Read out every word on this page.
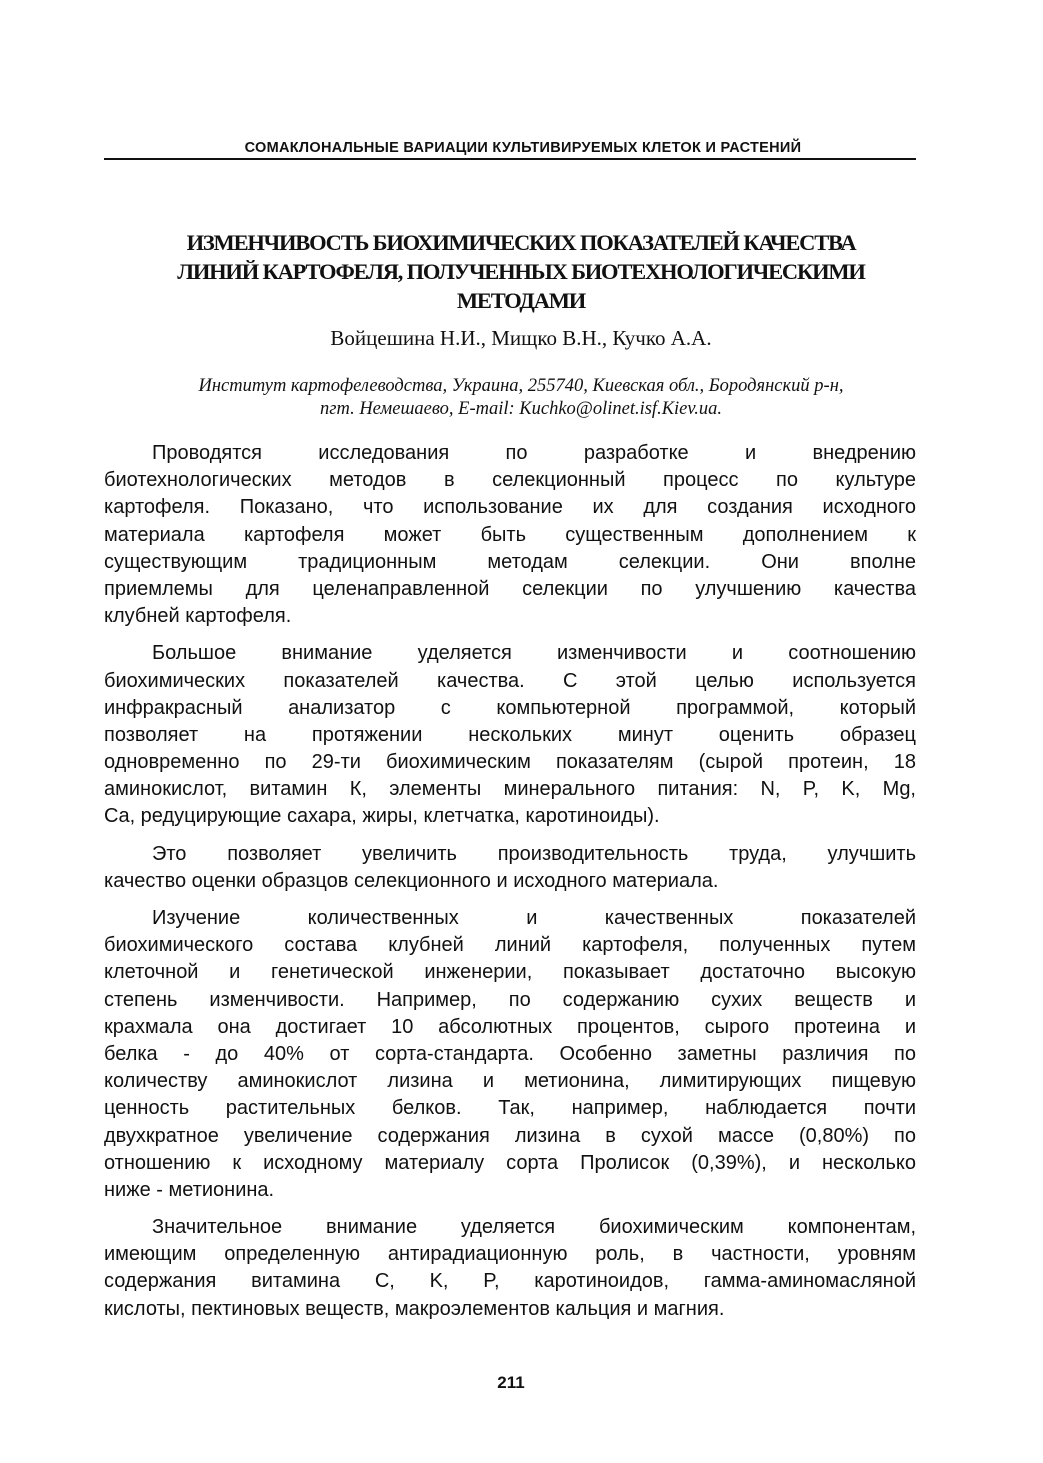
СОМАКЛОНАЛЬНЫЕ ВАРИАЦИИ КУЛЬТИВИРУЕМЫХ КЛЕТОК И РАСТЕНИЙ
ИЗМЕНЧИВОСТЬ БИОХИМИЧЕСКИХ ПОКАЗАТЕЛЕЙ КАЧЕСТВА
ЛИНИЙ КАРТОФЕЛЯ, ПОЛУЧЕННЫХ БИОТЕХНОЛОГИЧЕСКИМИ
МЕТОДАМИ
Войцешина Н.И., Мищко В.Н., Кучко А.А.
Институт картофелеводства, Украина, 255740, Киевская обл., Бородянский р-н,
пгт. Немешаево, E-mail: Kuchko@olinet.isf.Kiev.ua.
Проводятся исследования по разработке и внедрению
биотехнологических методов в селекционный процесс по культуре
картофеля. Показано, что использование их для создания исходного
материала картофеля может быть существенным дополнением к
существующим традиционным методам селекции. Они вполне
приемлемы для целенаправленной селекции по улучшению качества
клубней картофеля.
Большое внимание уделяется изменчивости и соотношению
биохимических показателей качества. С этой целью используется
инфракрасный анализатор с компьютерной программой, который
позволяет на протяжении нескольких минут оценить образец
одновременно по 29-ти биохимическим показателям (сырой протеин, 18
аминокислот, витамин К, элементы минерального питания: N, P, K, Mg,
Ca, редуцирующие сахара, жиры, клетчатка, каротиноиды).
Это позволяет увеличить производительность труда, улучшить
качество оценки образцов селекционного и исходного материала.
Изучение количественных и качественных показателей
биохимического состава клубней линий картофеля, полученных путем
клеточной и генетической инженерии, показывает достаточно высокую
степень изменчивости. Например, по содержанию сухих веществ и
крахмала она достигает 10 абсолютных процентов, сырого протеина и
белка - до 40% от сорта-стандарта. Особенно заметны различия по
количеству аминокислот лизина и метионина, лимитирующих пищевую
ценность растительных белков. Так, например, наблюдается почти
двухкратное увеличение содержания лизина в сухой массе (0,80%) по
отношению к исходному материалу сорта Пролисок (0,39%), и несколько
ниже - метионина.
Значительное внимание уделяется биохимическим компонентам,
имеющим определенную антирадиационную роль, в частности, уровням
содержания витамина C, K, P, каротиноидов, гамма-аминомасляной
кислоты, пектиновых веществ, макроэлементов кальция и магния.
211
